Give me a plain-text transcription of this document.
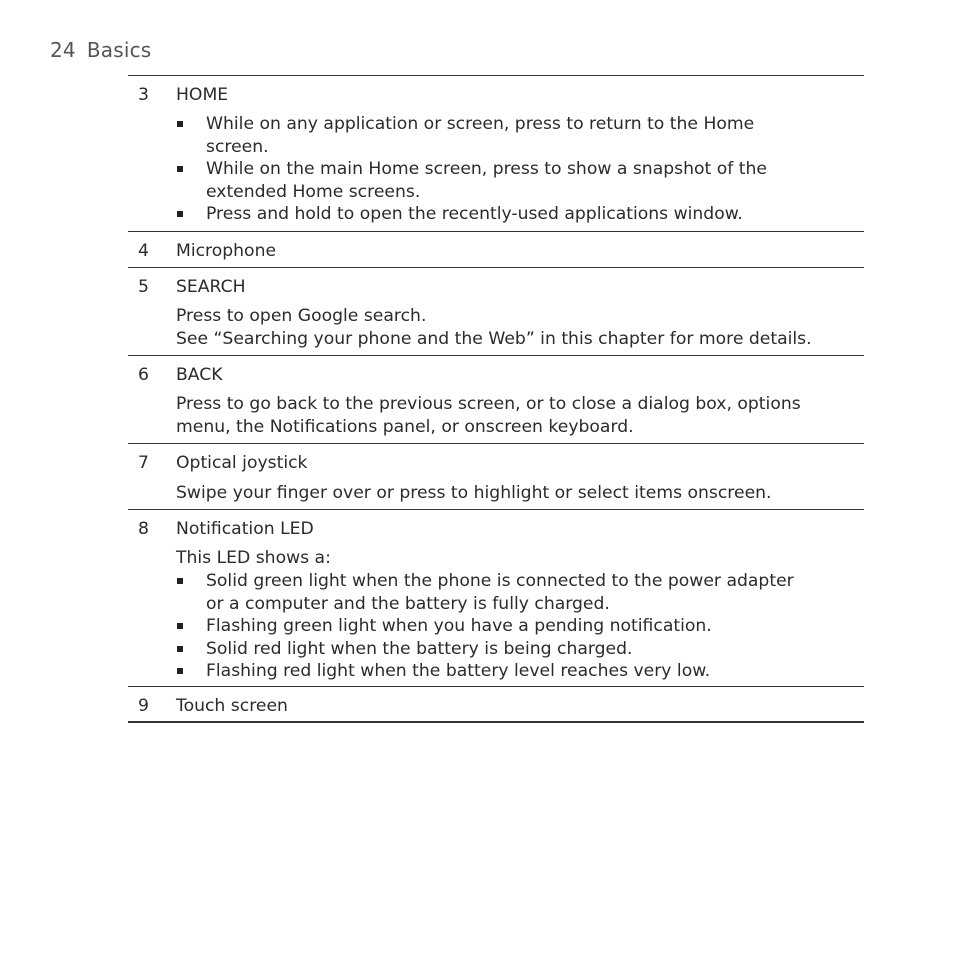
24 Basics
3	HOME
While on any application or screen, press to return to the Home
screen.
While on the main Home screen, press to show a snapshot of the
extended Home screens.
Press and hold to open the recently-used applications window.
4	Microphone
5	SEARCH
Press to open Google search.
See “Searching your phone and the Web” in this chapter for more details.
6	BACK
Press to go back to the previous screen, or to close a dialog box, options
menu, the Notifications panel, or onscreen keyboard.
7	Optical joystick
Swipe your finger over or press to highlight or select items onscreen.
8	Notification LED
This LED shows a:
Solid green light when the phone is connected to the power adapter
or a computer and the battery is fully charged.
Flashing green light when you have a pending notification.
Solid red light when the battery is being charged.
Flashing red light when the battery level reaches very low.
9	Touch screen
